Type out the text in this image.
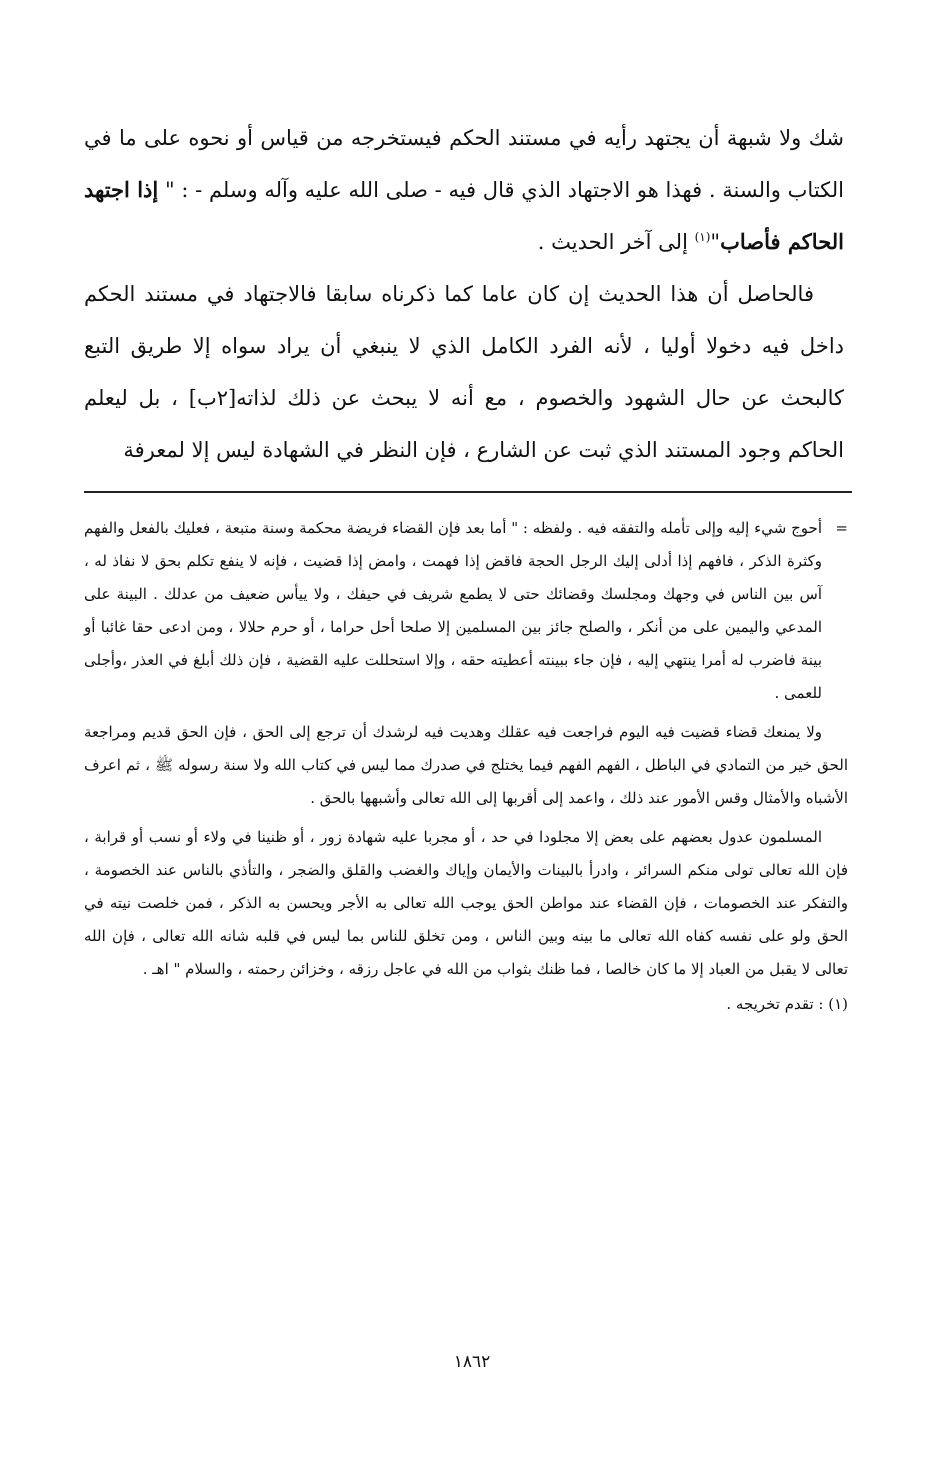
شك ولا شبهة أن يجتهد رأيه في مستند الحكم فيستخرجه من قياس أو نحوه على ما في الكتاب والسنة . فهذا هو الاجتهاد الذي قال فيه - صلى الله عليه وآله وسلم - : " إذا اجتهد الحاكم فأصاب"$^{(١)}$ إلى آخر الحديث .

فالحاصل أن هذا الحديث إن كان عاما كما ذكرناه سابقا فالاجتهاد في مستند الحكم داخل فيه دخولا أوليا ، لأنه الفرد الكامل الذي لا ينبغي أن يراد سواه إلا طريق التبع كالبحث عن حال الشهود والخصوم ، مع أنه لا يبحث عن ذلك لذاته[٢ب] ، بل ليعلم الحاكم وجود المستند الذي ثبت عن الشارع ، فإن النظر في الشهادة ليس إلا لمعرفة

=
أحوج شيء إليه وإلى تأمله والتفقه فيه . ولفظه : " أما بعد فإن القضاء فريضة محكمة وسنة متبعة ، فعليك بالفعل والفهم وكثرة الذكر ، فافهم إذا أدلى إليك الرجل الحجة فاقض إذا فهمت ، وامض إذا قضيت ، فإنه لا ينفع تكلم بحق لا نفاذ له ، آس بين الناس في وجهك ومجلسك وقضائك حتى لا يطمع شريف في حيفك ، ولا ييأس ضعيف من عدلك . البينة على المدعي واليمين على من أنكر ، والصلح جائز بين المسلمين إلا صلحا أحل حراما ، أو حرم حلالا ، ومن ادعى حقا غائبا أو بينة فاضرب له أمرا ينتهي إليه ، فإن جاء ببينته أعطيته حقه ، وإلا استحللت عليه القضية ، فإن ذلك أبلغ في العذر ،وأجلى للعمى .

ولا يمنعك قضاء قضيت فيه اليوم فراجعت فيه عقلك وهديت فيه لرشدك أن ترجع إلى الحق ، فإن الحق قديم ومراجعة الحق خير من التمادي في الباطل ، الفهم الفهم فيما يختلج في صدرك مما ليس في كتاب الله ولا سنة رسوله ﷺ ، ثم اعرف الأشباه والأمثال وقس الأمور عند ذلك ، واعمد إلى أقربها إلى الله تعالى وأشبهها بالحق .

المسلمون عدول بعضهم على بعض إلا مجلودا في حد ، أو مجربا عليه شهادة زور ، أو ظنينا في ولاء أو نسب أو قرابة ، فإن الله تعالى تولى منكم السرائر ، وادرأ بالبينات والأيمان وإياك والغضب والقلق والضجر ، والتأذي بالناس عند الخصومة ، والتفكر عند الخصومات ، فإن القضاء عند مواطن الحق يوجب الله تعالى به الأجر ويحسن به الذكر ، فمن خلصت نيته في الحق ولو على نفسه كفاه الله تعالى ما بينه وبين الناس ، ومن تخلق للناس بما ليس في قلبه شانه الله تعالى ، فإن الله تعالى لا يقبل من العباد إلا ما كان خالصا ، فما ظنك بثواب من الله في عاجل رزقه ، وخزائن رحمته ، والسلام " اهـ .

(١) : تقدم تخريجه .

١٨٦٢
